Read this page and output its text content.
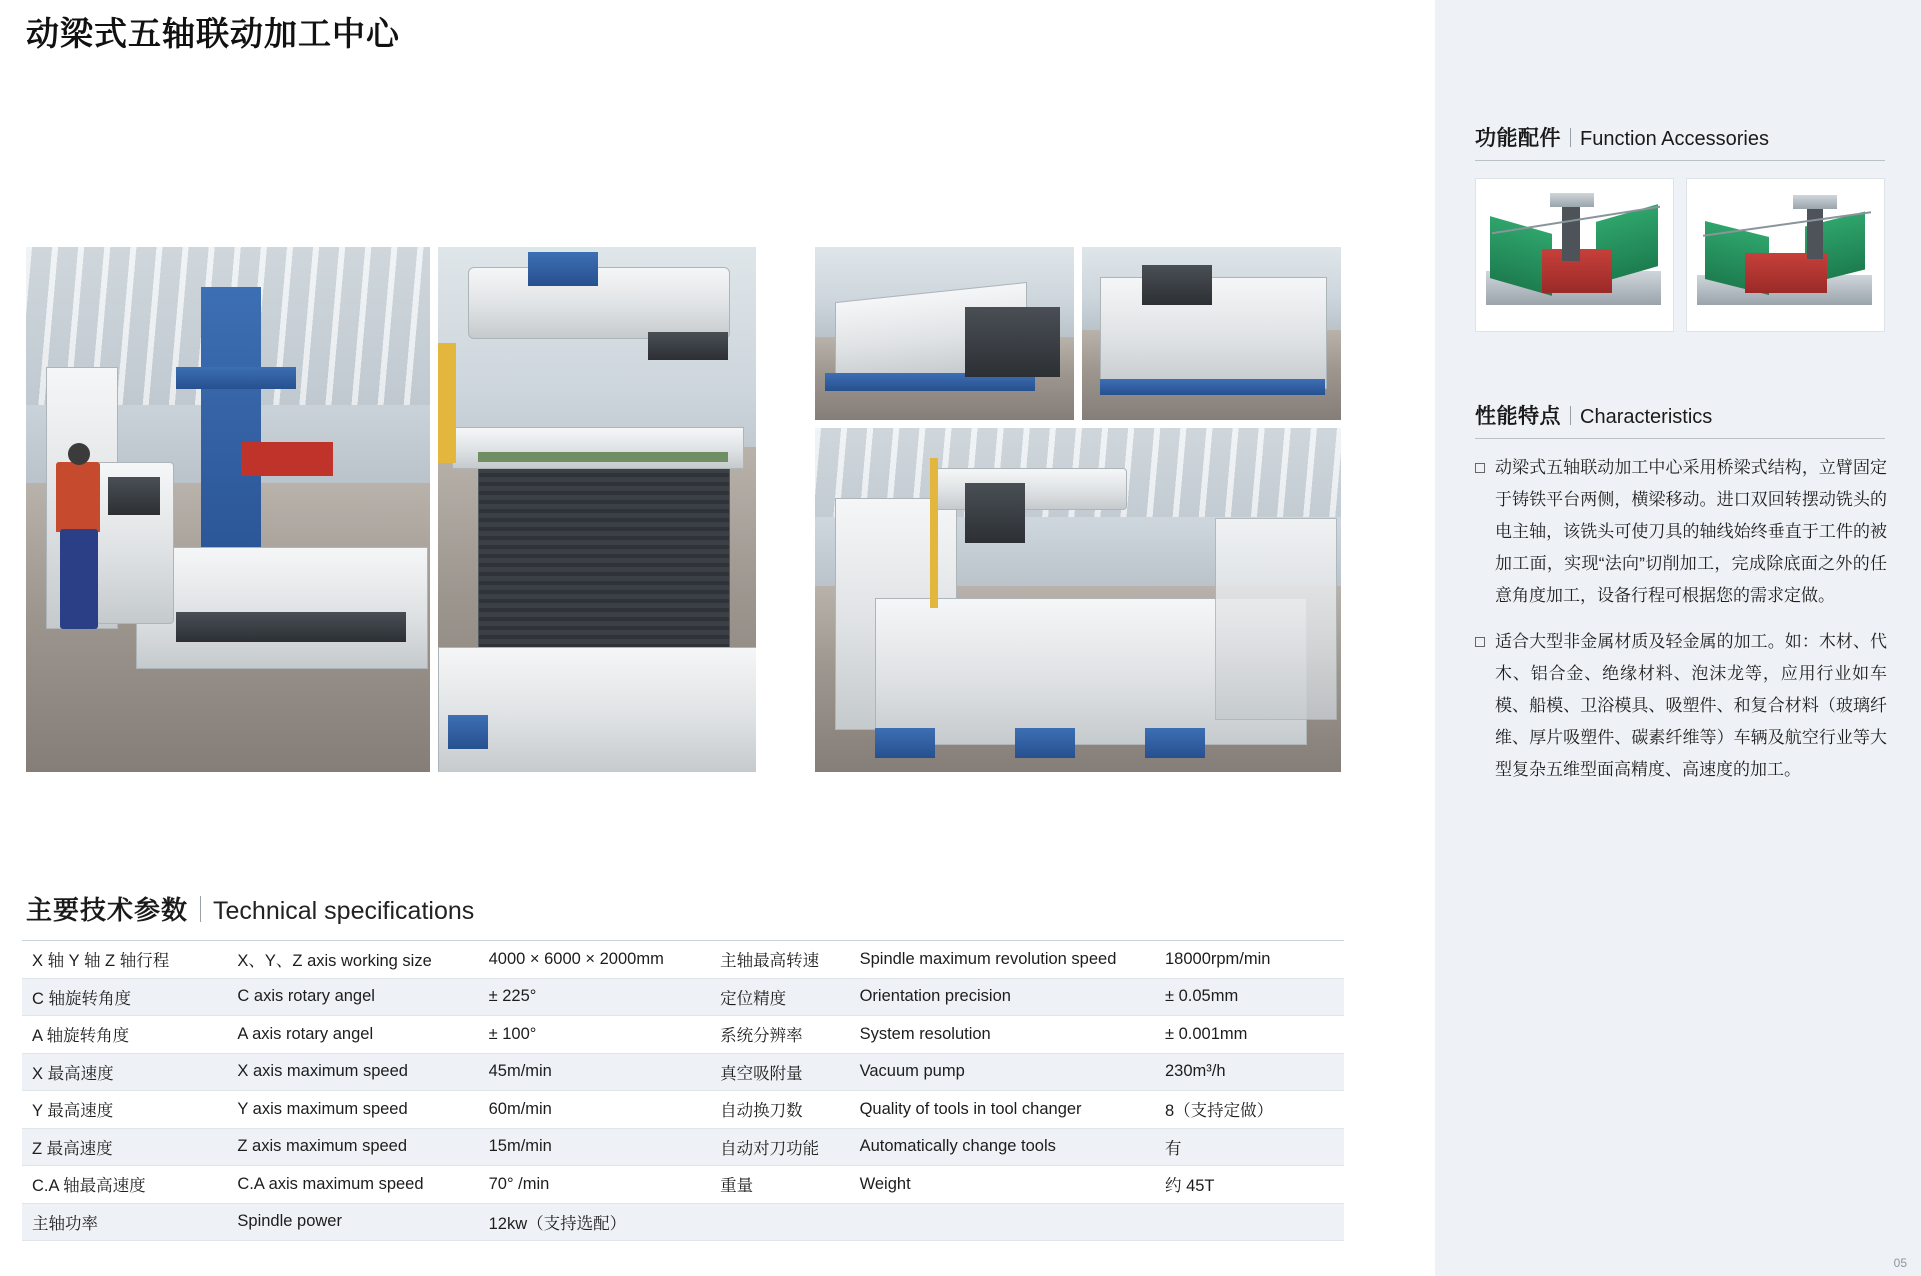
动梁式五轴联动加工中心
主要技术参数 Technical specifications
X 轴 Y 轴 Z 轴行程	X、Y、Z axis working size	4000 × 6000 × 2000mm	主轴最高转速	Spindle maximum revolution speed	18000rpm/min
C 轴旋转角度	C axis rotary angel	± 225°	定位精度	Orientation precision	± 0.05mm
A 轴旋转角度	A axis rotary angel	± 100°	系统分辨率	System resolution	± 0.001mm
X 最高速度	X axis maximum speed	45m/min	真空吸附量	Vacuum pump	230m³/h
Y 最高速度	Y axis maximum speed	60m/min	自动换刀数	Quality of tools in tool changer	8（支持定做）
Z 最高速度	Z axis maximum speed	15m/min	自动对刀功能	Automatically change tools	有
C.A 轴最高速度	C.A axis maximum speed	70° /min	重量	Weight	约 45T
主轴功率	Spindle power	12kw（支持选配）			
功能配件 Function Accessories
性能特点 Characteristics
动梁式五轴联动加工中心采用桥梁式结构，立臂固定于铸铁平台两侧，横梁移动。进口双回转摆动铣头的电主轴，该铣头可使刀具的轴线始终垂直于工件的被加工面，实现“法向”切削加工，完成除底面之外的任意角度加工，设备行程可根据您的需求定做。
适合大型非金属材质及轻金属的加工。如：木材、代木、铝合金、绝缘材料、泡沫龙等，应用行业如车模、船模、卫浴模具、吸塑件、和复合材料（玻璃纤维、厚片吸塑件、碳素纤维等）车辆及航空行业等大型复杂五维型面高精度、高速度的加工。
05
